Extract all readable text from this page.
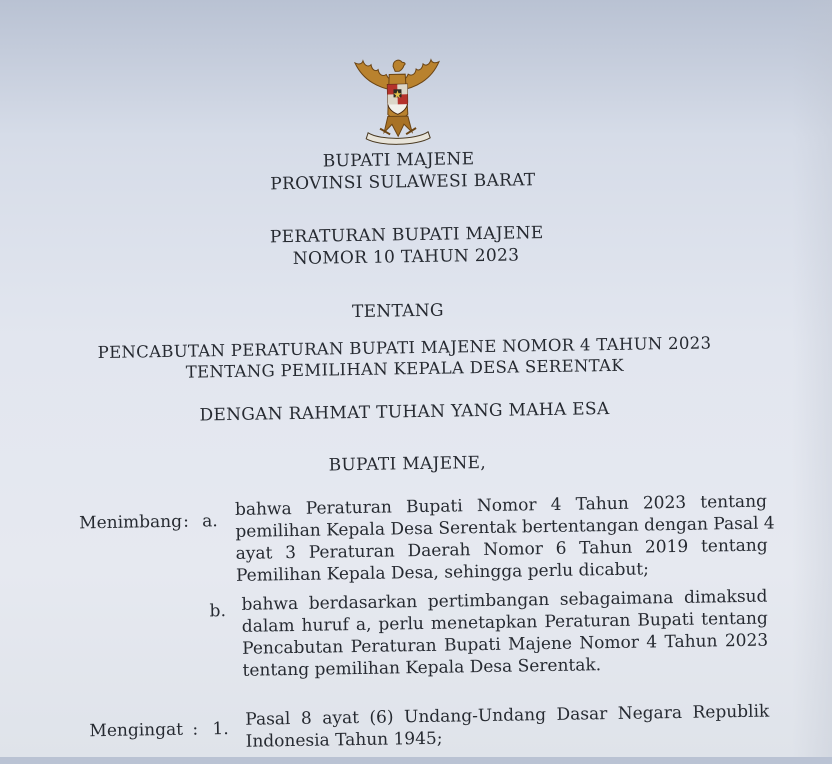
BUPATI MAJENE
PROVINSI SULAWESI BARAT
PERATURAN BUPATI MAJENE
NOMOR 10 TAHUN 2023
TENTANG
PENCABUTAN PERATURAN BUPATI MAJENE NOMOR 4 TAHUN 2023
TENTANG PEMILIHAN KEPALA DESA SERENTAK
DENGAN RAHMAT TUHAN YANG MAHA ESA
BUPATI MAJENE,
Menimbang : a.
bahwa Peraturan Bupati Nomor 4 Tahun 2023 tentang
pemilihan Kepala Desa Serentak bertentangan dengan Pasal 4
ayat 3 Peraturan Daerah Nomor 6 Tahun 2019 tentang
Pemilihan Kepala Desa, sehingga perlu dicabut;
b. bahwa berdasarkan pertimbangan sebagaimana dimaksud
dalam huruf a, perlu menetapkan Peraturan Bupati tentang
Pencabutan Peraturan Bupati Majene Nomor 4 Tahun 2023
tentang pemilihan Kepala Desa Serentak.
Mengingat : 1. Pasal 8 ayat (6) Undang-Undang Dasar Negara Republik
Indonesia Tahun 1945;
